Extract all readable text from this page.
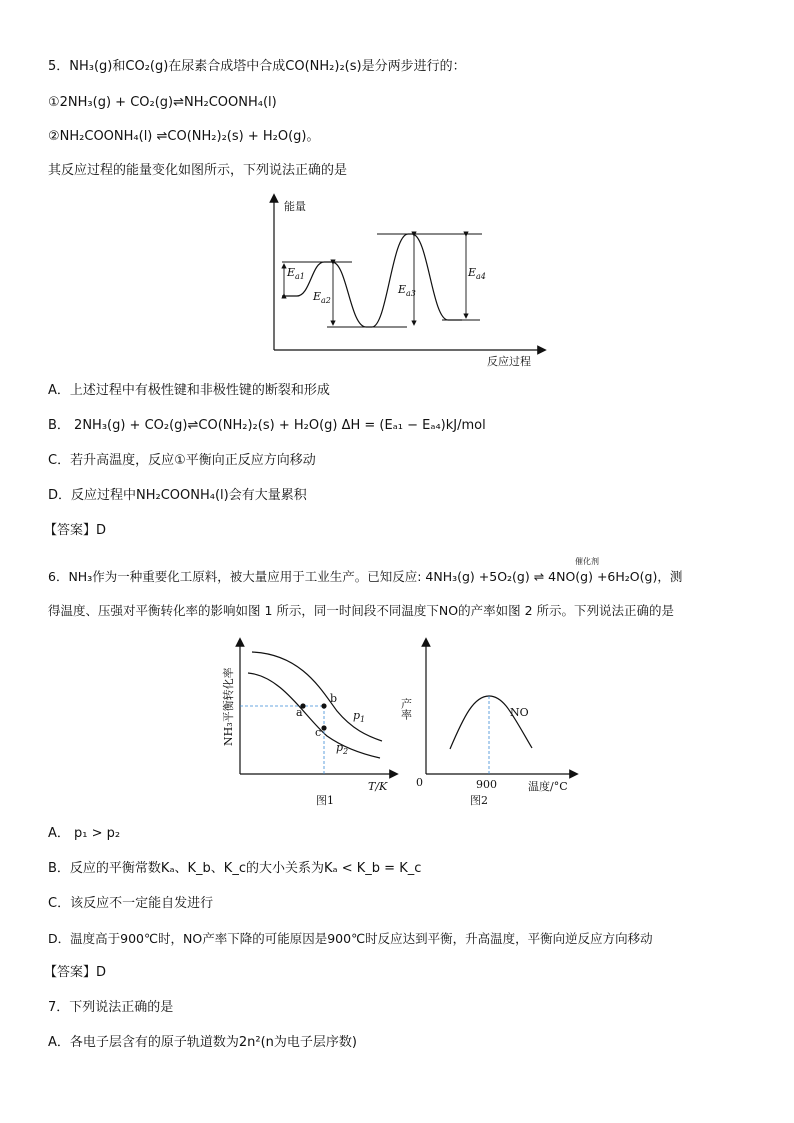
5．NH₃(g)和CO₂(g)在尿素合成塔中合成CO(NH₂)₂(s)是分两步进行的：
①2NH₃(g) + CO₂(g)⇌NH₂COONH₄(l)
②NH₂COONH₄(l) ⇌CO(NH₂)₂(s) + H₂O(g)。
其反应过程的能量变化如图所示，下列说法正确的是
能量
反应过程
$E_{a1}$
$E_{a2}$
$E_{a3}$
$E_{a4}$
A．上述过程中有极性键和非极性键的断裂和形成
B． 2NH₃(g) + CO₂(g)⇌CO(NH₂)₂(s) + H₂O(g) ΔH = (Eₐ₁ − Eₐ₄)kJ/mol
C．若升高温度，反应①平衡向正反应方向移动
D．反应过程中NH₂COONH₄(l)会有大量累积
【答案】D
6．NH₃作为一种重要化工原料，被大量应用于工业生产。已知反应: 4NH₃(g) +5O₂(g) ⇌ 4NO(g) +6H₂O(g)，测
催化剂
得温度、压强对平衡转化率的影响如图 1 所示，同一时间段不同温度下NO的产率如图 2 所示。下列说法正确的是
NH₃平衡转化率	a
b
c
$p_1$
$p_2$
T/K
图1
产率	NO
0	900	温度/°C
图2
A． p₁ > p₂
B．反应的平衡常数Kₐ、K_b、K_c的大小关系为Kₐ < K_b = K_c
C．该反应不一定能自发进行
D．温度高于900℃时，NO产率下降的可能原因是900℃时反应达到平衡，升高温度，平衡向逆反应方向移动
【答案】D
7．下列说法正确的是
A．各电子层含有的原子轨道数为2n²(n为电子层序数)
